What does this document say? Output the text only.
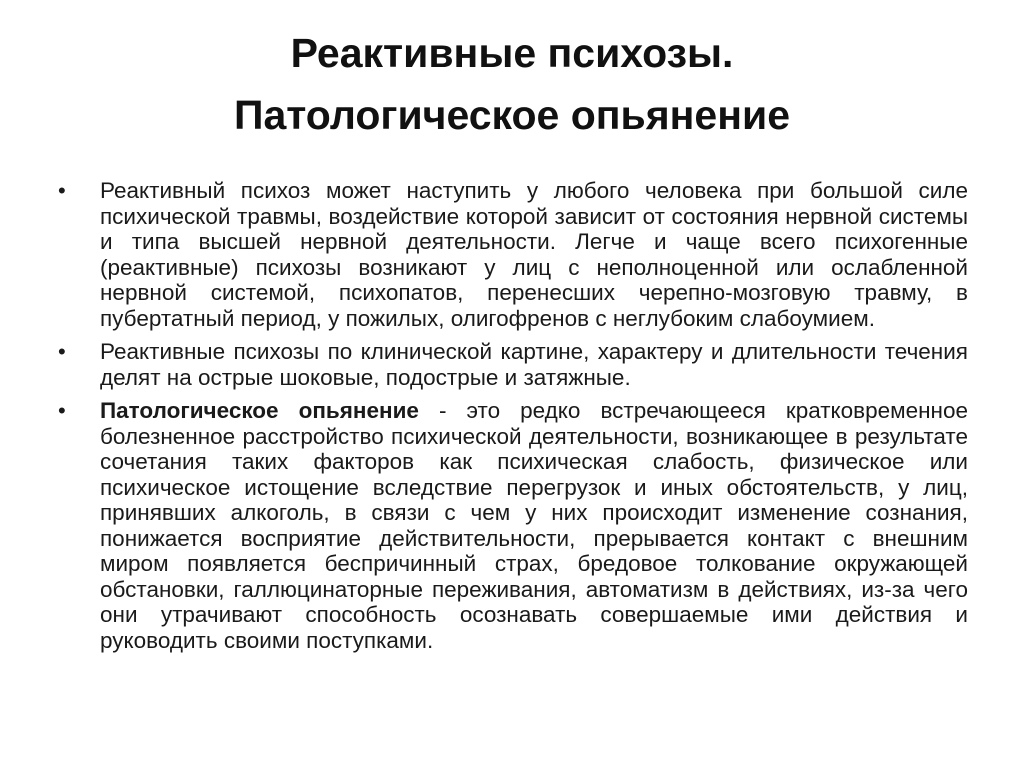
Реактивные психозы.
Патологическое опьянение
•	Реактивный психоз может наступить у любого человека при большой силе психической травмы, воздействие которой зависит от состояния нервной системы и типа высшей нервной деятельности. Легче и чаще всего психогенные (реактивные) психозы возникают у лиц с неполноценной или ослабленной нервной системой, психопатов, перенесших черепно-мозговую травму, в пубертатный период, у пожилых, олигофренов с неглубоким слабоумием.
•	Реактивные психозы по клинической картине, характеру и длительности течения делят на острые шоковые, подострые и затяжные.
•	Патологическое опьянение - это редко встречающееся кратковременное болезненное расстройство психической деятельности, возникающее в результате сочетания таких факторов как психическая слабость, физическое или психическое истощение вследствие перегрузок и иных обстоятельств, у лиц, принявших алкоголь, в связи с чем у них происходит изменение сознания, понижается восприятие действительности, прерывается контакт с внешним миром появляется беспричинный страх, бредовое толкование окружающей обстановки, галлюцинаторные переживания, автоматизм в действиях, из-за чего они утрачивают способность осознавать совершаемые ими действия и руководить своими поступками.
